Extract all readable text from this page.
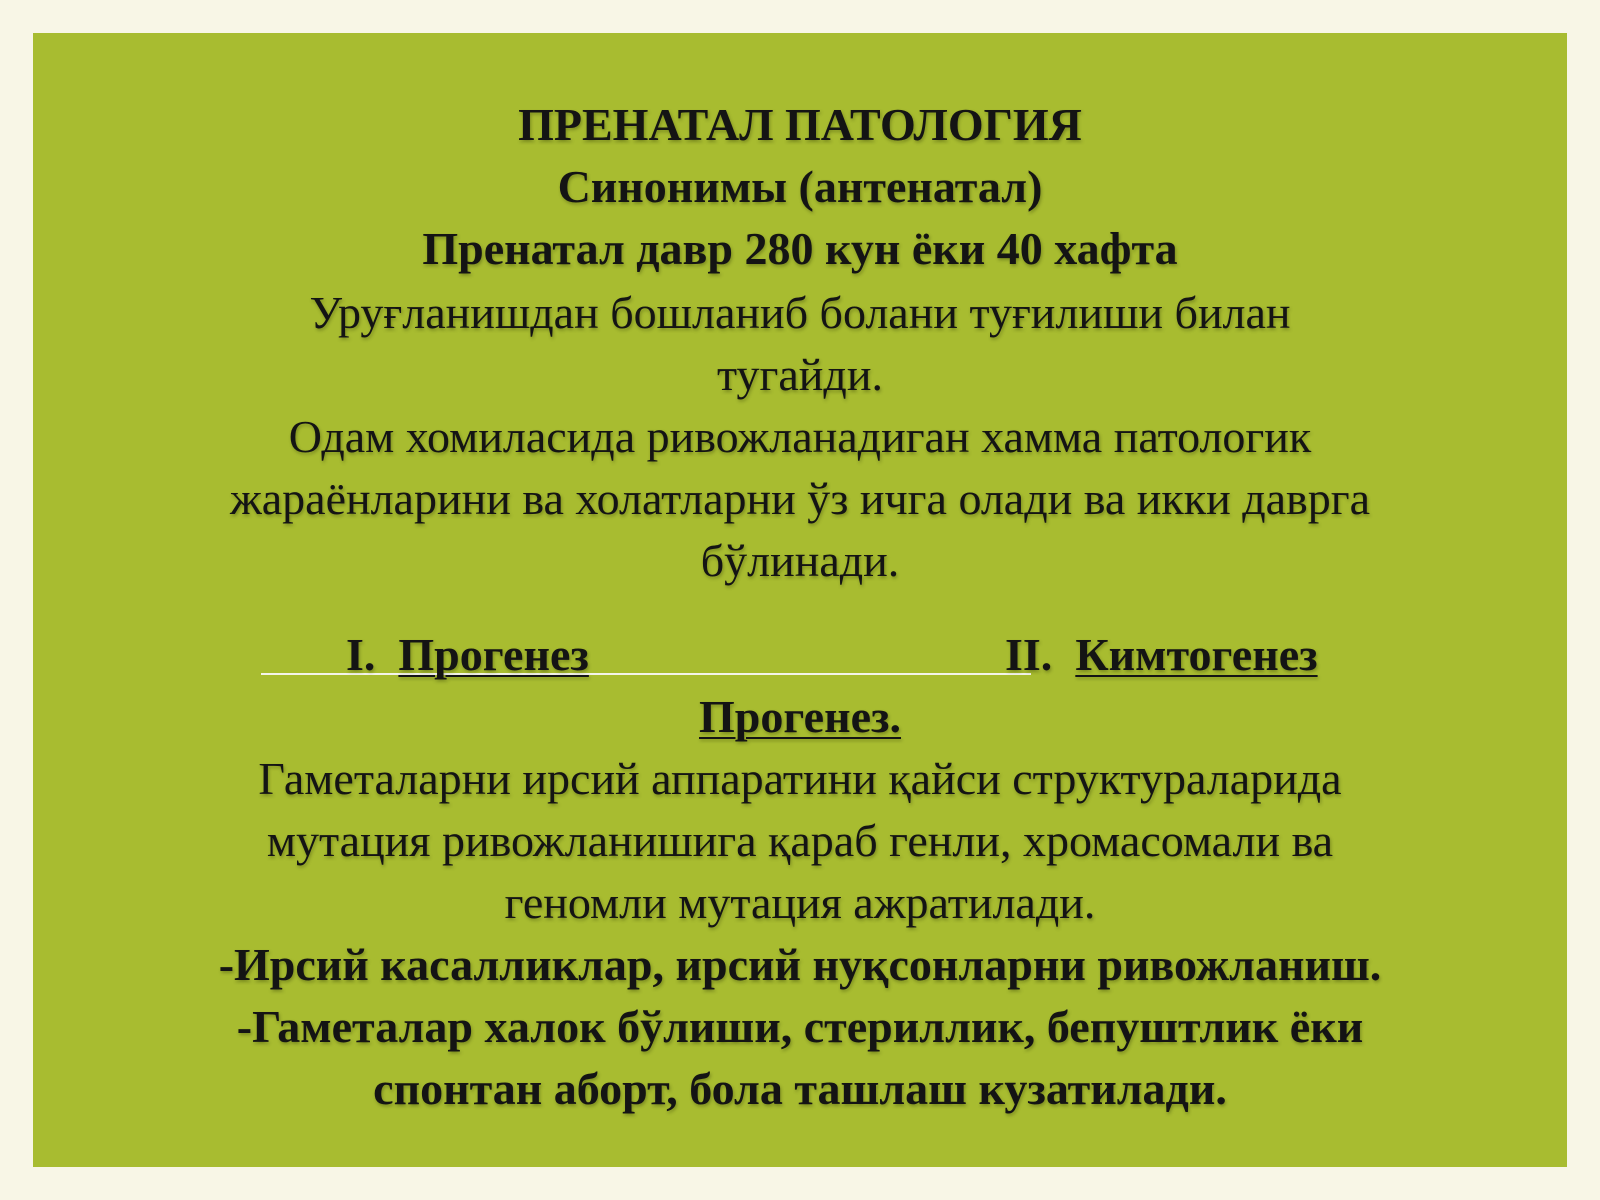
ПРЕНАТАЛ ПАТОЛОГИЯ
Синонимы (антенатал)
Пренатал давр 280 кун ёки 40 хафта
Уруғланишдан бошланиб болани туғилиши билан
тугайди.
Одам хомиласида ривожланадиган хамма патологик
жараёнларини ва холатларни ўз ичга олади ва икки даврга
бўлинади.
I. Прогенез	II. Кимтогенез
Прогенез.
Гаметаларни ирсий аппаратини қайси структураларида
мутация ривожланишига қараб генли, хромасомали ва
геномли мутация ажратилади.
-Ирсий касалликлар, ирсий нуқсонларни ривожланиш.
-Гаметалар халок бўлиши, стериллик, бепуштлик ёки
спонтан аборт, бола ташлаш кузатилади.
